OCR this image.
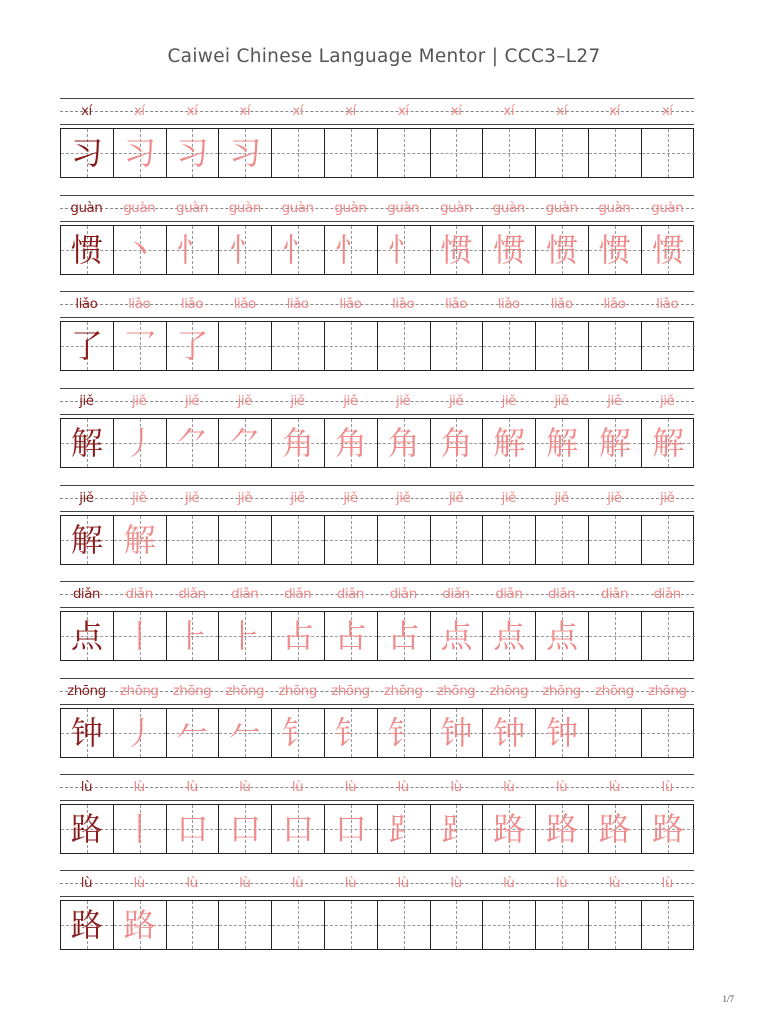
Caiwei Chinese Language Mentor | CCC3–L27
xí	xí	xí	xí	xí	xí	xí	xí	xí	xí	xí	xí
习 习 习 习
guàn	guàn	guàn	guàn	guàn	guàn	guàn	guàn	guàn	guàn	guàn	guàn
惯 丶 忄 忄 忄 忄 忄 惯 惯 惯 惯 惯
liǎo	liǎo	liǎo	liǎo	liǎo	liǎo	liǎo	liǎo	liǎo	liǎo	liǎo	liǎo
了 乛 了
jiě	jiě	jiě	jiě	jiě	jiě	jiě	jiě	jiě	jiě	jiě	jiě
解 丿 ⺈ ⺈ 角 角 角 角 解 解 解 解
jiě	jiě	jiě	jiě	jiě	jiě	jiě	jiě	jiě	jiě	jiě	jiě
解 解
diǎn	diǎn	diǎn	diǎn	diǎn	diǎn	diǎn	diǎn	diǎn	diǎn	diǎn	diǎn
点 丨 ⺊ ⺊ 占 占 占 点 点 点
zhōng	zhōng	zhōng	zhōng	zhōng	zhōng	zhōng	zhōng	zhōng	zhōng	zhōng	zhōng
钟 丿 𠂉 𠂉 钅 钅 钅 钟 钟 钟
lù	lù	lù	lù	lù	lù	lù	lù	lù	lù	lù	lù
路 丨 口 口 口 口 ⻊ ⻊ 路 路 路 路
lù	lù	lù	lù	lù	lù	lù	lù	lù	lù	lù	lù
路 路
1/7
